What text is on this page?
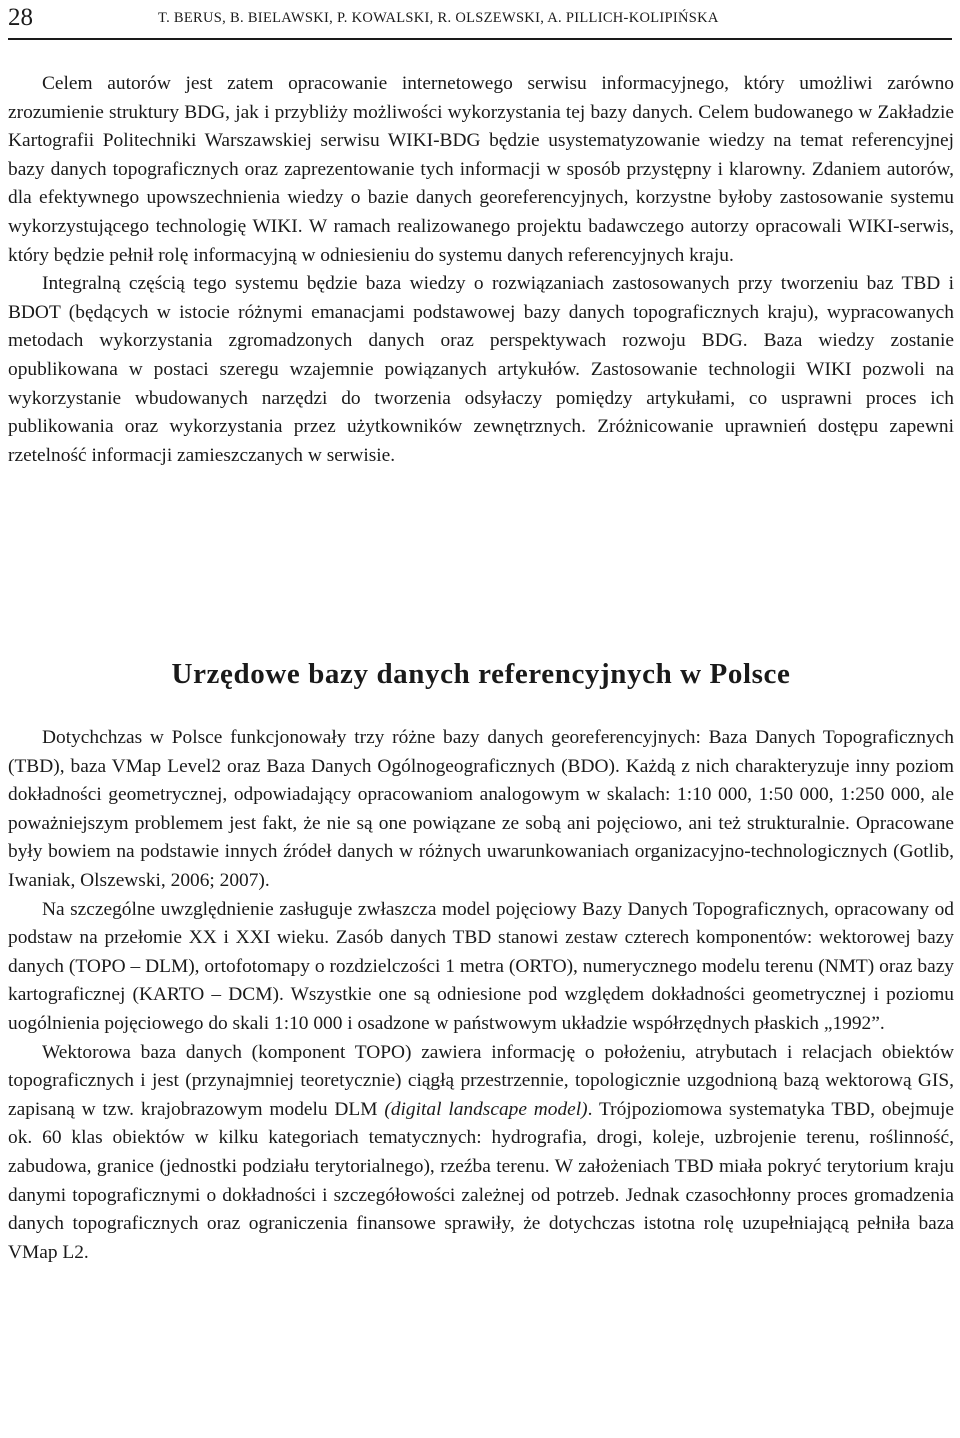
28	T. BERUS, B. BIELAWSKI, P. KOWALSKI, R. OLSZEWSKI, A. PILLICH-KOLIPIŃSKA

Celem autorów jest zatem opracowanie internetowego serwisu informacyjnego, który umożliwi zarówno zrozumienie struktury BDG, jak i przybliży możliwości wykorzystania tej bazy danych. Celem budowanego w Zakładzie Kartografii Politechniki Warszawskiej serwisu WIKI-BDG będzie usystematyzowanie wiedzy na temat referencyjnej bazy danych topograficznych oraz zaprezentowanie tych informacji w sposób przystępny i klarowny. Zdaniem autorów, dla efektywnego upowszechnienia wiedzy o bazie danych georeferencyjnych, korzystne byłoby zastosowanie systemu wykorzystującego technologię WIKI. W ramach realizowanego projektu badawczego autorzy opracowali WIKI-serwis, który będzie pełnił rolę informacyjną w odniesieniu do systemu danych referencyjnych kraju.

Integralną częścią tego systemu będzie baza wiedzy o rozwiązaniach zastosowanych przy tworzeniu baz TBD i BDOT (będących w istocie różnymi emanacjami podstawowej bazy danych topograficznych kraju), wypracowanych metodach wykorzystania zgromadzonych danych oraz perspektywach rozwoju BDG. Baza wiedzy zostanie opublikowana w postaci szeregu wzajemnie powiązanych artykułów. Zastosowanie technologii WIKI pozwoli na wykorzystanie wbudowanych narzędzi do tworzenia odsyłaczy pomiędzy artykułami, co usprawni proces ich publikowania oraz wykorzystania przez użytkowników zewnętrznych. Zróżnicowanie uprawnień dostępu zapewni rzetelność informacji zamieszczanych w serwisie.

Urzędowe bazy danych referencyjnych w Polsce

Dotychchzas w Polsce funkcjonowały trzy różne bazy danych georeferencyjnych: Baza Danych Topograficznych (TBD), baza VMap Level2 oraz Baza Danych Ogólnogeograficznych (BDO). Każdą z nich charakteryzuje inny poziom dokładności geometrycznej, odpowiadający opracowaniom analogowym w skalach: 1:10 000, 1:50 000, 1:250 000, ale poważniejszym problemem jest fakt, że nie są one powiązane ze sobą ani pojęciowo, ani też strukturalnie. Opracowane były bowiem na podstawie innych źródeł danych w różnych uwarunkowaniach organizacyjno-technologicznych (Gotlib, Iwaniak, Olszewski, 2006; 2007).

Na szczególne uwzględnienie zasługuje zwłaszcza model pojęciowy Bazy Danych Topograficznych, opracowany od podstaw na przełomie XX i XXI wieku. Zasób danych TBD stanowi zestaw czterech komponentów: wektorowej bazy danych (TOPO – DLM), ortofotomapy o rozdzielczości 1 metra (ORTO), numerycznego modelu terenu (NMT) oraz bazy kartograficznej (KARTO – DCM). Wszystkie one są odniesione pod względem dokładności geometrycznej i poziomu uogólnienia pojęciowego do skali 1:10 000 i osadzone w państwowym układzie współrzędnych płaskich „1992”.

Wektorowa baza danych (komponent TOPO) zawiera informację o położeniu, atrybutach i relacjach obiektów topograficznych i jest (przynajmniej teoretycznie) ciągłą przestrzennie, topologicznie uzgodnioną bazą wektorową GIS, zapisaną w tzw. krajobrazowym modelu DLM (digital landscape model). Trójpoziomowa systematyka TBD, obejmuje ok. 60 klas obiektów w kilku kategoriach tematycznych: hydrografia, drogi, koleje, uzbrojenie terenu, roślinność, zabudowa, granice (jednostki podziału terytorialnego), rzeźba terenu. W założeniach TBD miała pokryć terytorium kraju danymi topograficznymi o dokładności i szczegółowości zależnej od potrzeb. Jednak czasochłonny proces gromadzenia danych topograficznych oraz ograniczenia finansowe sprawiły, że dotychczas istotna rolę uzupełniającą pełniła baza VMap L2.
